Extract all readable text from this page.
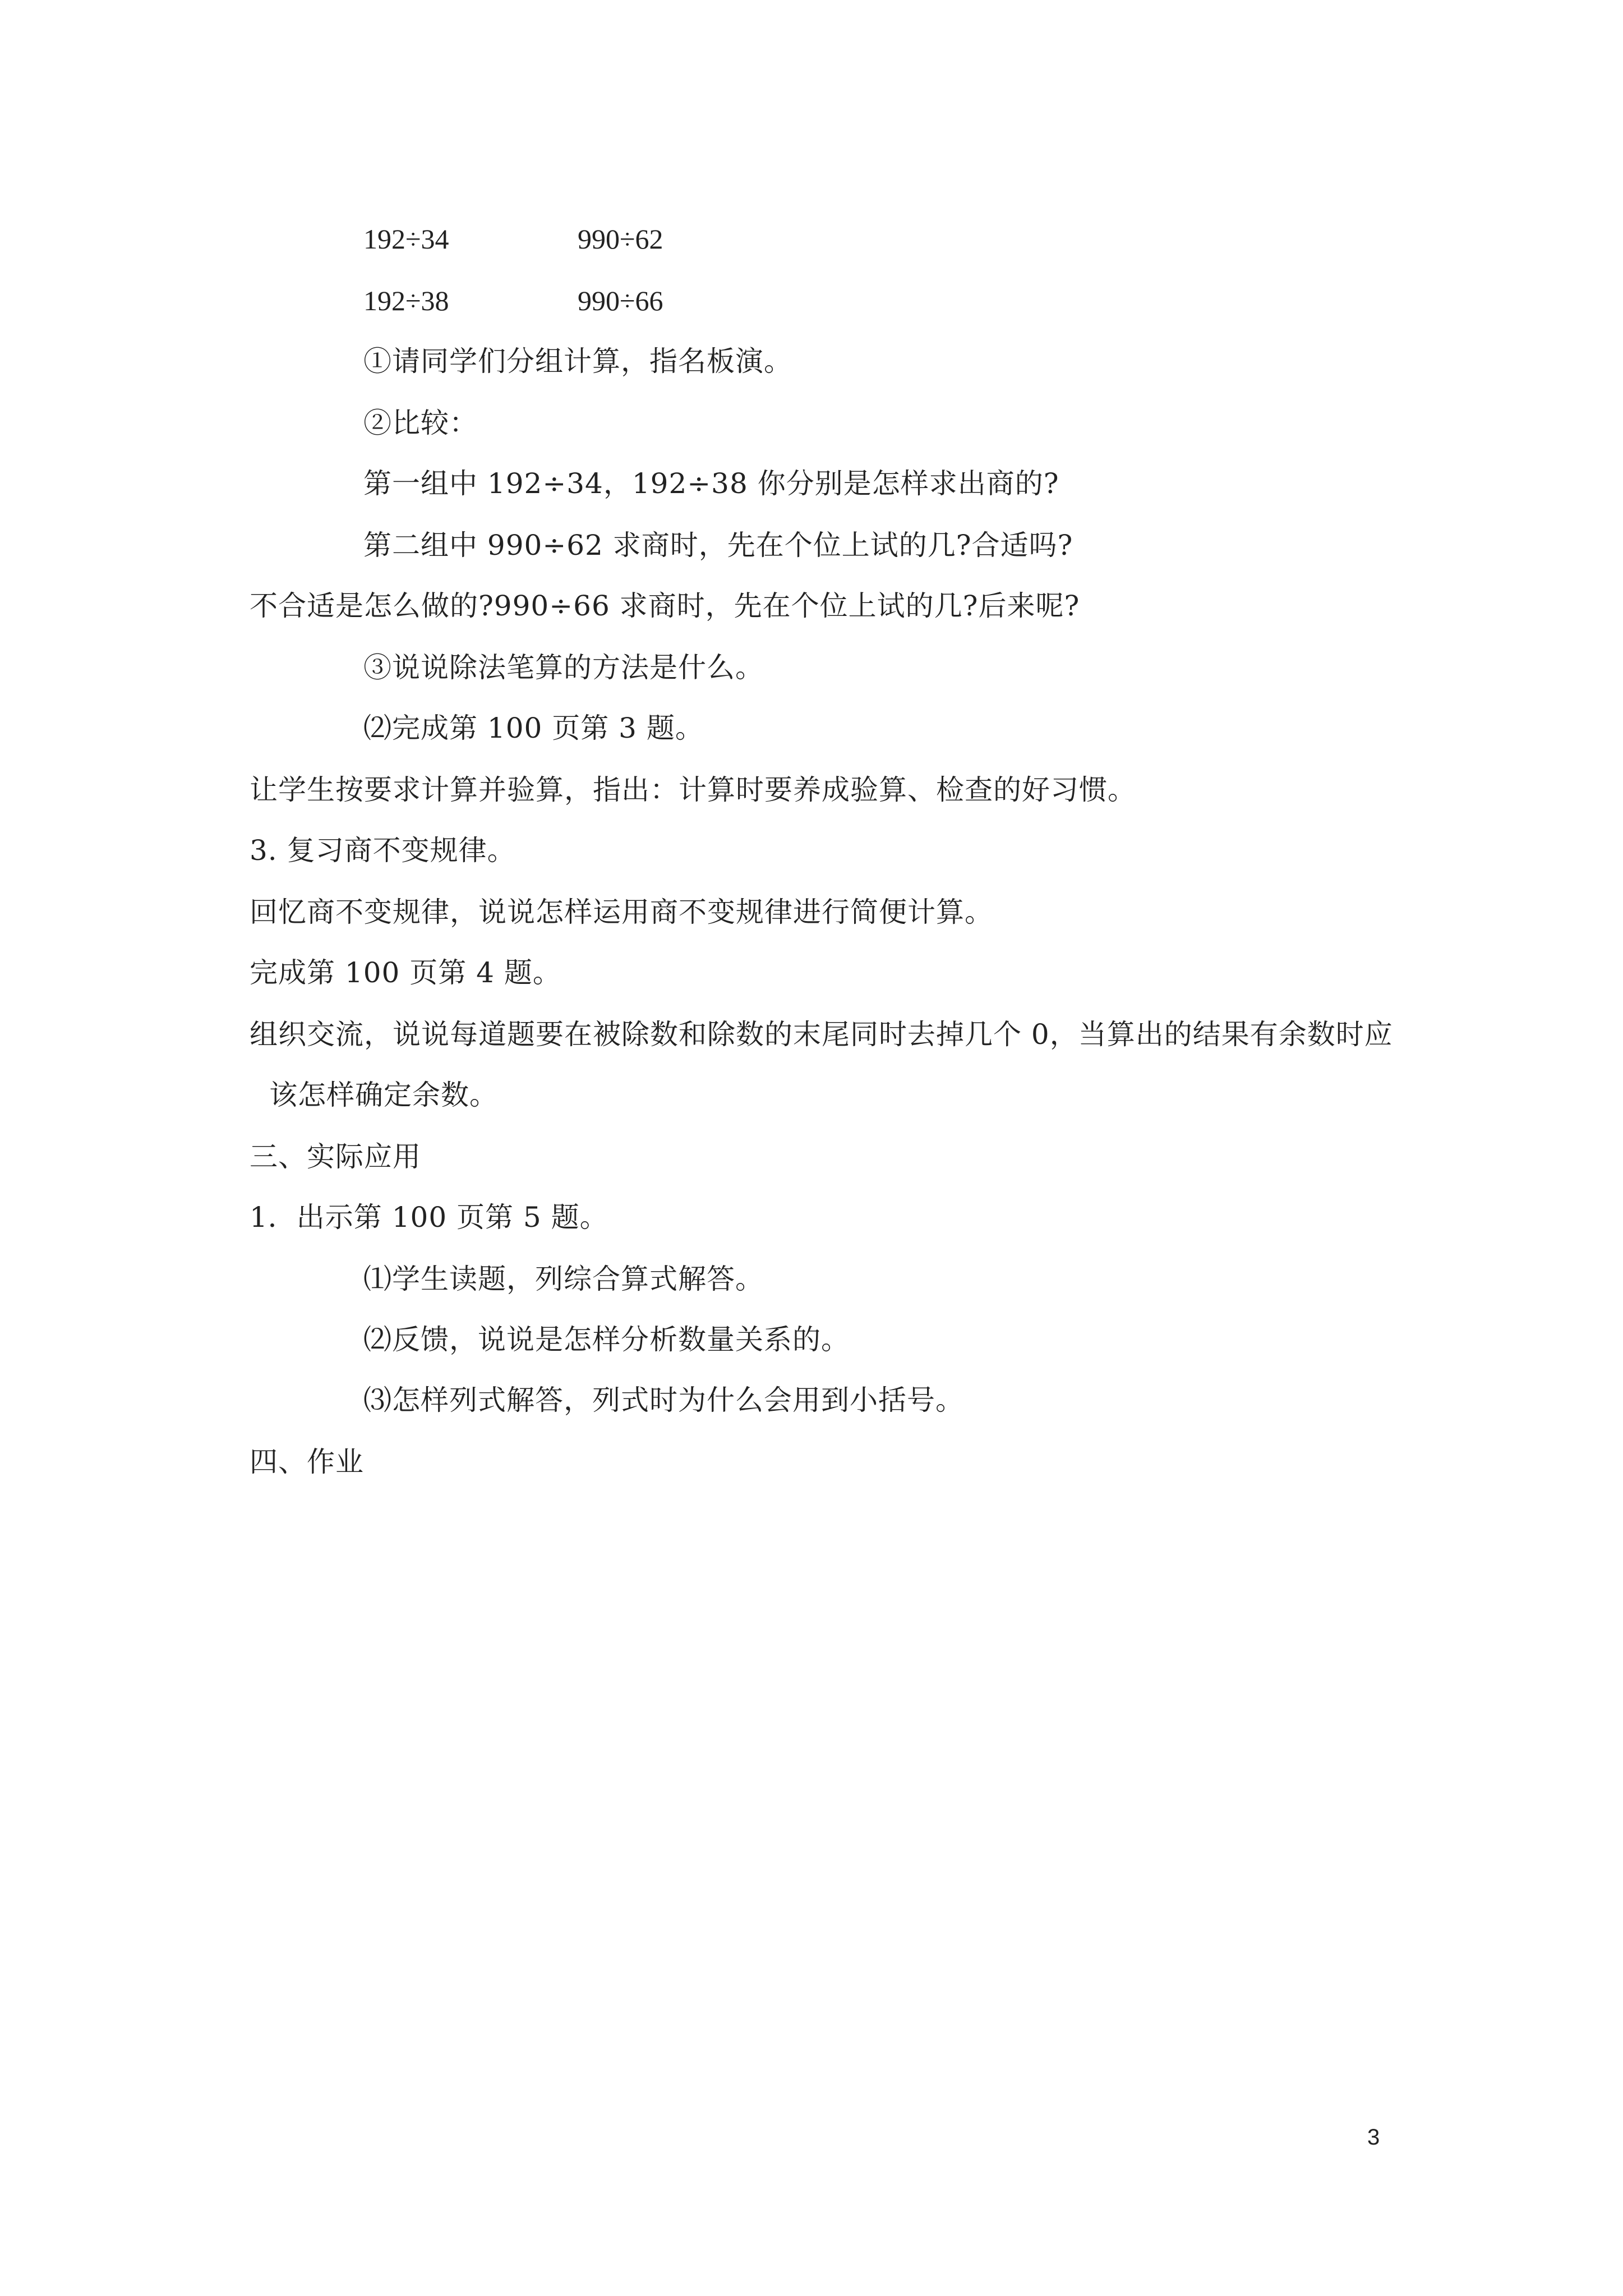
192÷34	990÷62
192÷38	990÷66
①请同学们分组计算，指名板演。
②比较：
第一组中 192÷34，192÷38 你分别是怎样求出商的?
第二组中 990÷62 求商时，先在个位上试的几?合适吗?
不合适是怎么做的?990÷66 求商时，先在个位上试的几?后来呢?
③说说除法笔算的方法是什么。
⑵完成第 100 页第 3 题。
让学生按要求计算并验算，指出：计算时要养成验算、检查的好习惯。
3. 复习商不变规律。
回忆商不变规律，说说怎样运用商不变规律进行简便计算。
完成第 100 页第 4 题。
组织交流，说说每道题要在被除数和除数的末尾同时去掉几个 0，当算出的结果有余数时应
该怎样确定余数。
三、实际应用
1．出示第 100 页第 5 题。
⑴学生读题，列综合算式解答。
⑵反馈，说说是怎样分析数量关系的。
⑶怎样列式解答，列式时为什么会用到小括号。
四、作业
3
